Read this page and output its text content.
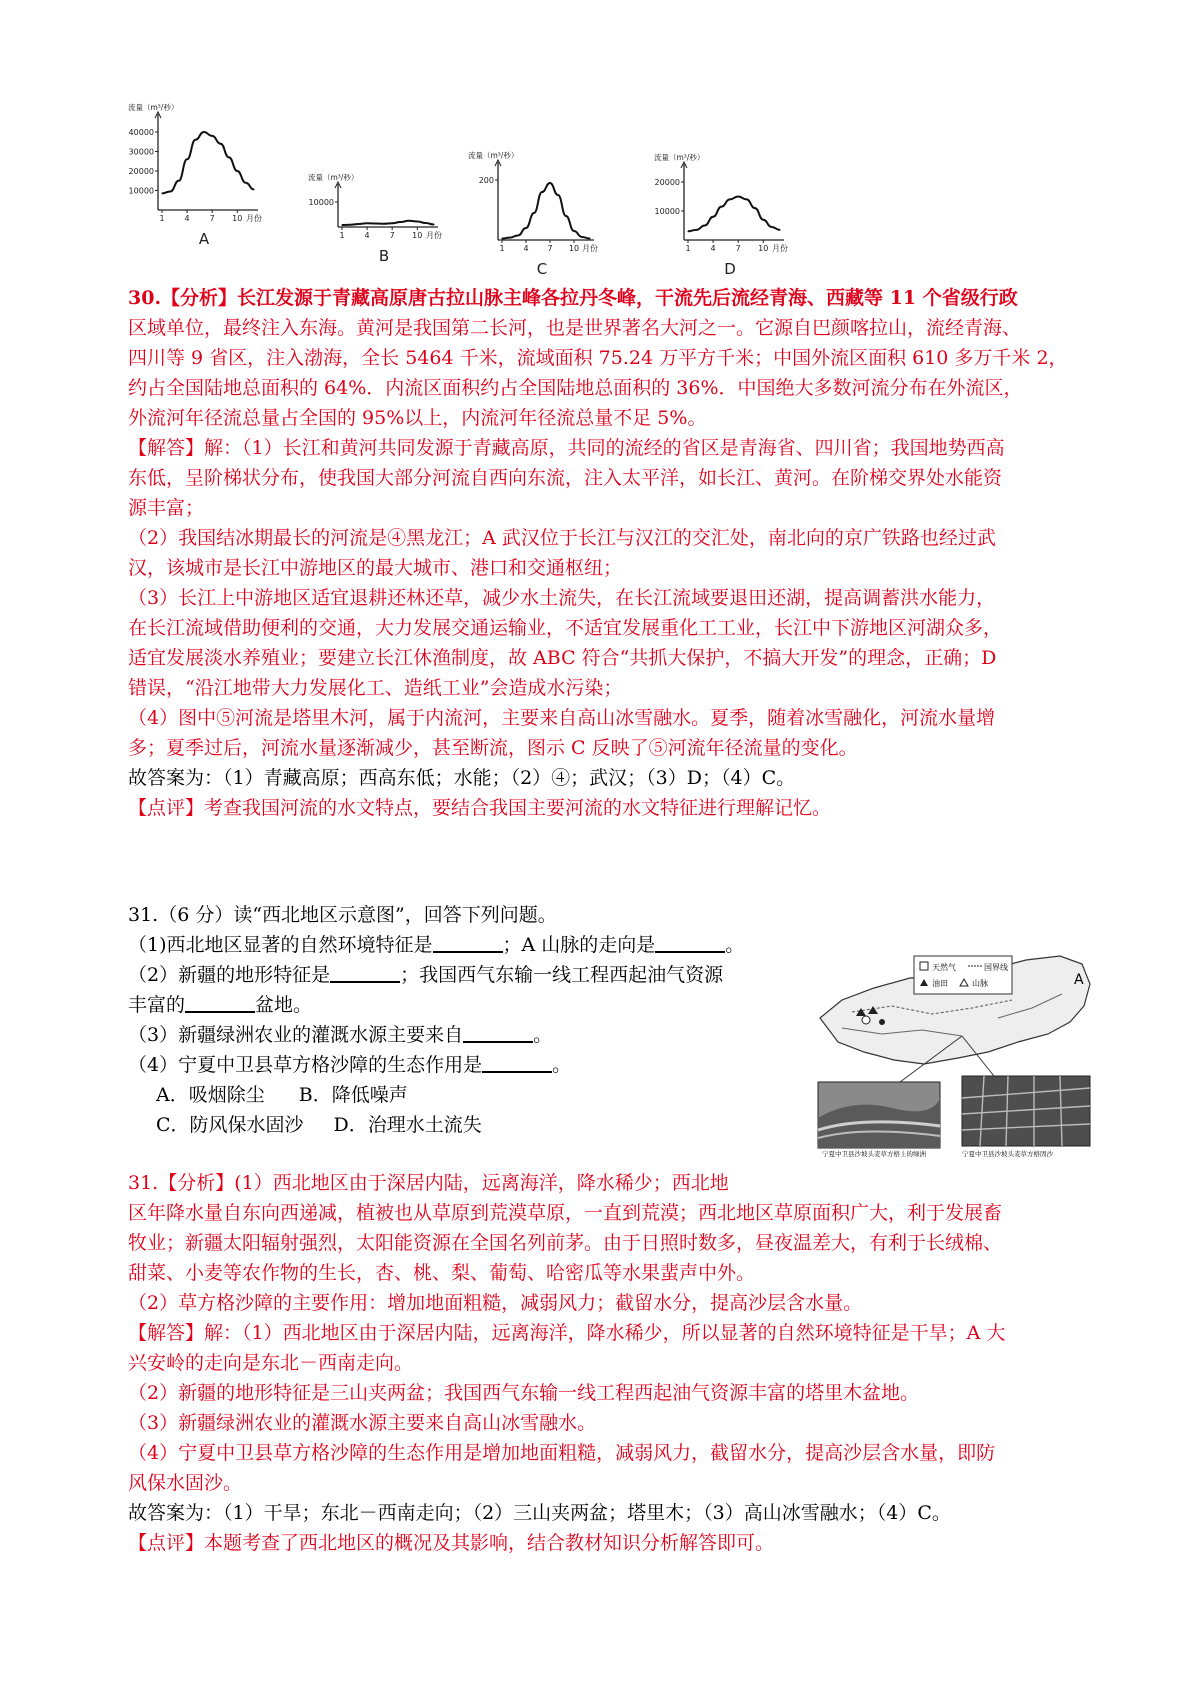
流量（m³/秒）
40000
30000
20000
10000
1 4 7 10 月份
A
流量（m³/秒）
10000
1 4 7 10 月份
B
流量（m³/秒）
200
1 4 7 10 月份
C
流量（m³/秒）
20000
10000
1 4 7 10 月份
D
30.【分析】长江发源于青藏高原唐古拉山脉主峰各拉丹冬峰，干流先后流经青海、西藏等 11 个省级行政
区域单位，最终注入东海。黄河是我国第二长河，也是世界著名大河之一。它源自巴颜喀拉山，流经青海、
四川等 9 省区，注入渤海，全长 5464 千米，流域面积 75.24 万平方千米；中国外流区面积 610 多万千米 2，
约占全国陆地总面积的 64%．内流区面积约占全国陆地总面积的 36%．中国绝大多数河流分布在外流区，
外流河年径流总量占全国的 95%以上，内流河年径流总量不足 5%。
【解答】解：（1）长江和黄河共同发源于青藏高原，共同的流经的省区是青海省、四川省；我国地势西高
东低，呈阶梯状分布，使我国大部分河流自西向东流，注入太平洋，如长江、黄河。在阶梯交界处水能资
源丰富；
（2）我国结冰期最长的河流是④黑龙江；A 武汉位于长江与汉江的交汇处，南北向的京广铁路也经过武
汉，该城市是长江中游地区的最大城市、港口和交通枢纽；
（3）长江上中游地区适宜退耕还林还草，减少水土流失，在长江流域要退田还湖，提高调蓄洪水能力，
在长江流域借助便利的交通，大力发展交通运输业，不适宜发展重化工工业，长江中下游地区河湖众多，
适宜发展淡水养殖业；要建立长江休渔制度，故 ABC 符合“共抓大保护，不搞大开发”的理念，正确；D
错误，“沿江地带大力发展化工、造纸工业”会造成水污染；
（4）图中⑤河流是塔里木河，属于内流河，主要来自高山冰雪融水。夏季，随着冰雪融化，河流水量增
多；夏季过后，河流水量逐渐减少，甚至断流，图示 C 反映了⑤河流年径流量的变化。
故答案为：（1）青藏高原；西高东低；水能；（2）④；武汉；（3）D；（4）C。
【点评】考查我国河流的水文特点，要结合我国主要河流的水文特征进行理解记忆。
31.（6 分）读“西北地区示意图”，回答下列问题。
（1)西北地区显著的自然环境特征是	；A 山脉的走向是	。
（2）新疆的地形特征是	；我国西气东输一线工程西起油气资源
丰富的	盆地。
（3）新疆绿洲农业的灌溉水源主要来自	。
（4）宁夏中卫县草方格沙障的生态作用是	。
A．吸烟除尘 B．降低噪声
C．防风保水固沙 D．治理水土流失
天然气	国界线
油田	山脉	A
宁夏中卫县沙坡头麦草方格上的绿洲	宁夏中卫县沙坡头麦草方格固沙
31.【分析】(1）西北地区由于深居内陆，远离海洋，降水稀少；西北地
区年降水量自东向西递减，植被也从草原到荒漠草原，一直到荒漠；西北地区草原面积广大，利于发展畜
牧业；新疆太阳辐射强烈，太阳能资源在全国名列前茅。由于日照时数多，昼夜温差大，有利于长绒棉、
甜菜、小麦等农作物的生长，杏、桃、梨、葡萄、哈密瓜等水果蜚声中外。
（2）草方格沙障的主要作用：增加地面粗糙，减弱风力；截留水分，提高沙层含水量。
【解答】解：（1）西北地区由于深居内陆，远离海洋，降水稀少，所以显著的自然环境特征是干旱；A 大
兴安岭的走向是东北－西南走向。
（2）新疆的地形特征是三山夹两盆；我国西气东输一线工程西起油气资源丰富的塔里木盆地。
（3）新疆绿洲农业的灌溉水源主要来自高山冰雪融水。
（4）宁夏中卫县草方格沙障的生态作用是增加地面粗糙，减弱风力，截留水分，提高沙层含水量，即防
风保水固沙。
故答案为：（1）干旱；东北－西南走向；（2）三山夹两盆；塔里木；（3）高山冰雪融水；（4）C。
【点评】本题考查了西北地区的概况及其影响，结合教材知识分析解答即可。
